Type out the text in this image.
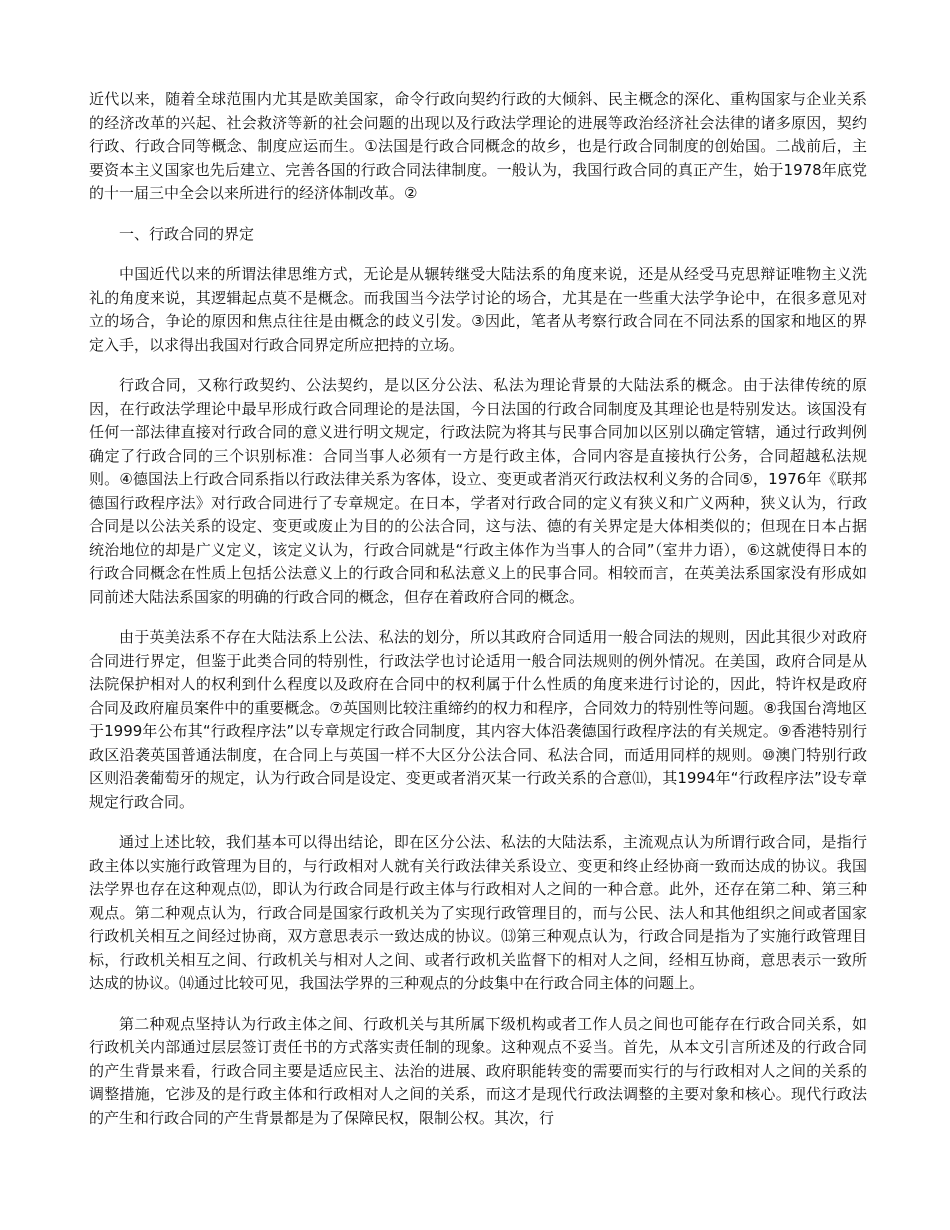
近代以来，随着全球范围内尤其是欧美国家，命令行政向契约行政的大倾斜、民主概念的深化、重构国家与企业关系的经济改革的兴起、社会救济等新的社会问题的出现以及行政法学理论的进展等政治经济社会法律的诸多原因，契约行政、行政合同等概念、制度应运而生。①法国是行政合同概念的故乡，也是行政合同制度的创始国。二战前后，主要资本主义国家也先后建立、完善各国的行政合同法律制度。一般认为，我国行政合同的真正产生，始于1978年底党的十一届三中全会以来所进行的经济体制改革。②

一、行政合同的界定

中国近代以来的所谓法律思维方式，无论是从辗转继受大陆法系的角度来说，还是从经受马克思辩证唯物主义洗礼的角度来说，其逻辑起点莫不是概念。而我国当今法学讨论的场合，尤其是在一些重大法学争论中，在很多意见对立的场合，争论的原因和焦点往往是由概念的歧义引发。③因此，笔者从考察行政合同在不同法系的国家和地区的界定入手，以求得出我国对行政合同界定所应把持的立场。

行政合同，又称行政契约、公法契约，是以区分公法、私法为理论背景的大陆法系的概念。由于法律传统的原因，在行政法学理论中最早形成行政合同理论的是法国，今日法国的行政合同制度及其理论也是特别发达。该国没有任何一部法律直接对行政合同的意义进行明文规定，行政法院为将其与民事合同加以区别以确定管辖，通过行政判例确定了行政合同的三个识别标准：合同当事人必须有一方是行政主体，合同内容是直接执行公务，合同超越私法规则。④德国法上行政合同系指以行政法律关系为客体，设立、变更或者消灭行政法权利义务的合同⑤，1976年《联邦德国行政程序法》对行政合同进行了专章规定。在日本，学者对行政合同的定义有狭义和广义两种，狭义认为，行政合同是以公法关系的设定、变更或废止为目的的公法合同，这与法、德的有关界定是大体相类似的；但现在日本占据统治地位的却是广义定义，该定义认为，行政合同就是“行政主体作为当事人的合同”（室井力语），⑥这就使得日本的行政合同概念在性质上包括公法意义上的行政合同和私法意义上的民事合同。相较而言，在英美法系国家没有形成如同前述大陆法系国家的明确的行政合同的概念，但存在着政府合同的概念。

由于英美法系不存在大陆法系上公法、私法的划分，所以其政府合同适用一般合同法的规则，因此其很少对政府合同进行界定，但鉴于此类合同的特别性，行政法学也讨论适用一般合同法规则的例外情况。在美国，政府合同是从法院保护相对人的权利到什么程度以及政府在合同中的权利属于什么性质的角度来进行讨论的，因此，特许权是政府合同及政府雇员案件中的重要概念。⑦英国则比较注重缔约的权力和程序，合同效力的特别性等问题。⑧我国台湾地区于1999年公布其“行政程序法”以专章规定行政合同制度，其内容大体沿袭德国行政程序法的有关规定。⑨香港特别行政区沿袭英国普通法制度，在合同上与英国一样不大区分公法合同、私法合同，而适用同样的规则。⑩澳门特别行政区则沿袭葡萄牙的规定，认为行政合同是设定、变更或者消灭某一行政关系的合意⑾，其1994年“行政程序法”设专章规定行政合同。

通过上述比较，我们基本可以得出结论，即在区分公法、私法的大陆法系，主流观点认为所谓行政合同，是指行政主体以实施行政管理为目的，与行政相对人就有关行政法律关系设立、变更和终止经协商一致而达成的协议。我国法学界也存在这种观点⑿，即认为行政合同是行政主体与行政相对人之间的一种合意。此外，还存在第二种、第三种观点。第二种观点认为，行政合同是国家行政机关为了实现行政管理目的，而与公民、法人和其他组织之间或者国家行政机关相互之间经过协商，双方意思表示一致达成的协议。⒀第三种观点认为，行政合同是指为了实施行政管理目标，行政机关相互之间、行政机关与相对人之间、或者行政机关监督下的相对人之间，经相互协商，意思表示一致所达成的协议。⒁通过比较可见，我国法学界的三种观点的分歧集中在行政合同主体的问题上。

第二种观点坚持认为行政主体之间、行政机关与其所属下级机构或者工作人员之间也可能存在行政合同关系，如行政机关内部通过层层签订责任书的方式落实责任制的现象。这种观点不妥当。首先，从本文引言所述及的行政合同的产生背景来看，行政合同主要是适应民主、法治的进展、政府职能转变的需要而实行的与行政相对人之间的关系的调整措施，它涉及的是行政主体和行政相对人之间的关系，而这才是现代行政法调整的主要对象和核心。现代行政法的产生和行政合同的产生背景都是为了保障民权，限制公权。其次，行
